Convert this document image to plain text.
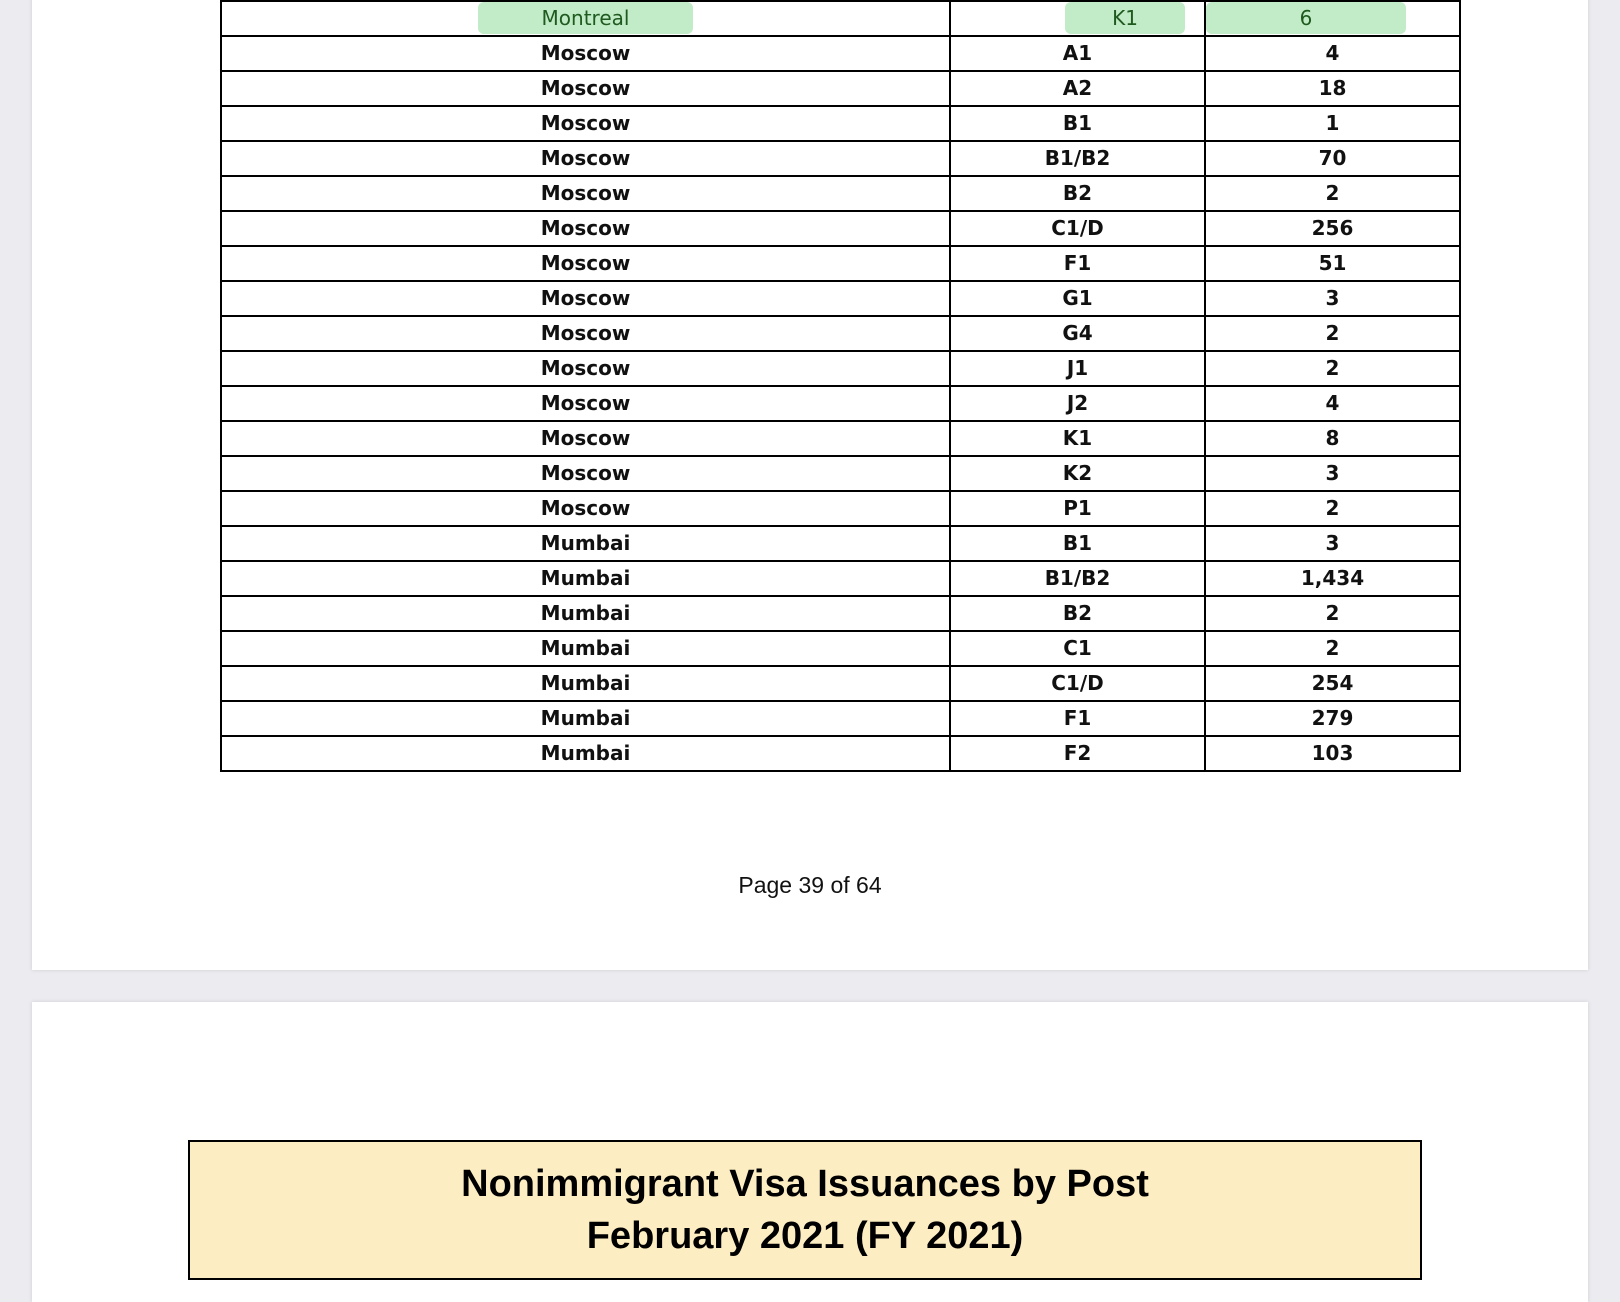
Montreal	K1	6
Moscow	A1	4
Moscow	A2	18
Moscow	B1	1
Moscow	B1/B2	70
Moscow	B2	2
Moscow	C1/D	256
Moscow	F1	51
Moscow	G1	3
Moscow	G4	2
Moscow	J1	2
Moscow	J2	4
Moscow	K1	8
Moscow	K2	3
Moscow	P1	2
Mumbai	B1	3
Mumbai	B1/B2	1,434
Mumbai	B2	2
Mumbai	C1	2
Mumbai	C1/D	254
Mumbai	F1	279
Mumbai	F2	103
Page 39 of 64
Nonimmigrant Visa Issuances by Post
February 2021 (FY 2021)
